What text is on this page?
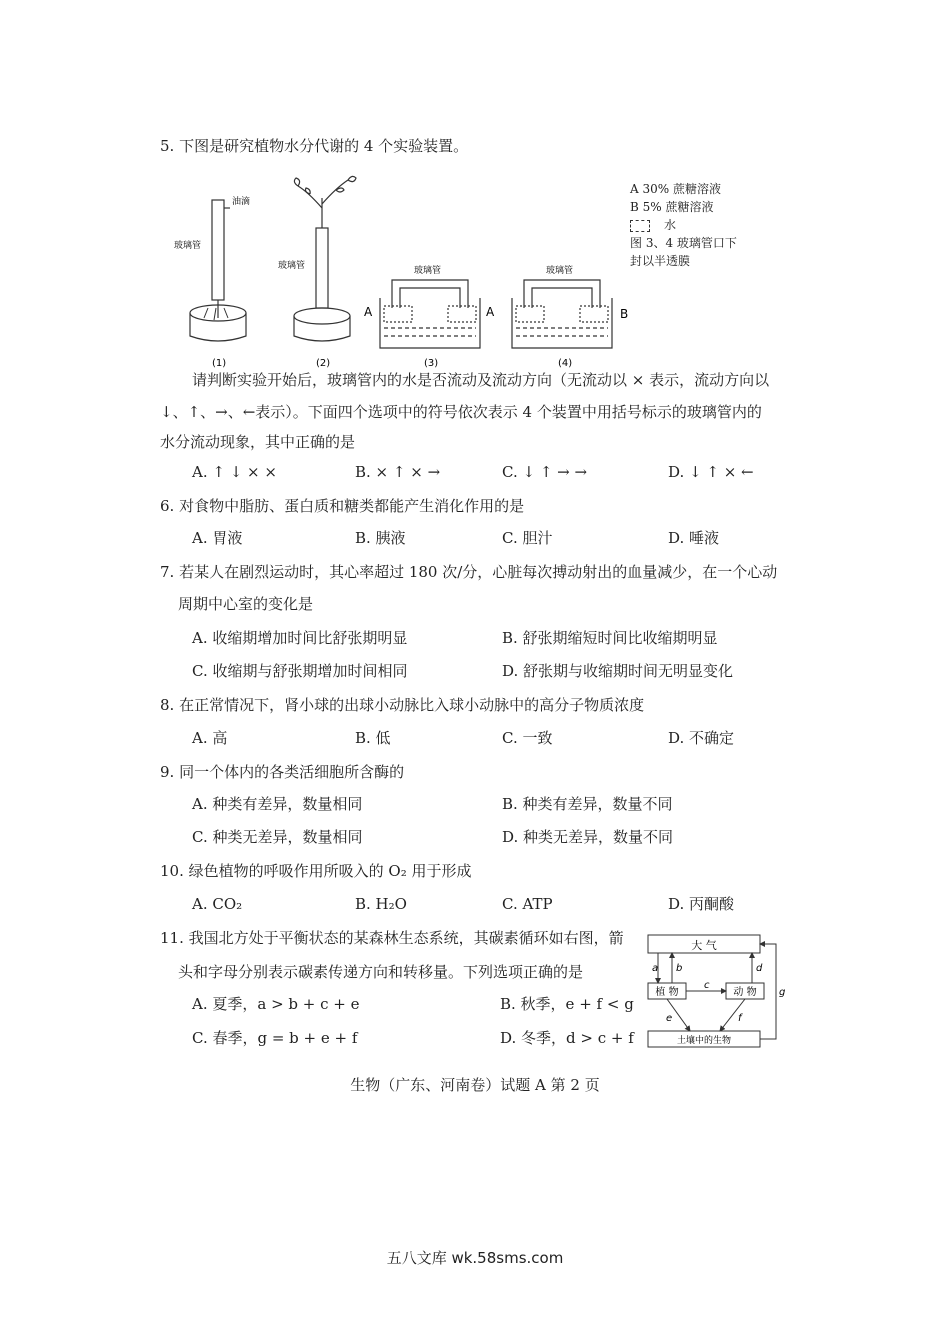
5. 下图是研究植物水分代谢的 4 个实验装置。
油滴
玻璃管
(1)
玻璃管
(2)
玻璃管
A	A
(3)
玻璃管
B
(4)
A 30% 蔗糖溶液
B 5% 蔗糖溶液
水
图 3、4 玻璃管口下
封以半透膜
请判断实验开始后，玻璃管内的水是否流动及流动方向（无流动以 × 表示，流动方向以
↓、↑、→、←表示）。下面四个选项中的符号依次表示 4 个装置中用括号标示的玻璃管内的
水分流动现象，其中正确的是
A. ↑ ↓ × ×	B. × ↑ × →	C. ↓ ↑ → →	D. ↓ ↑ × ←
6. 对食物中脂肪、蛋白质和糖类都能产生消化作用的是
A. 胃液	B. 胰液	C. 胆汁	D. 唾液
7. 若某人在剧烈运动时，其心率超过 180 次/分，心脏每次搏动射出的血量减少，在一个心动
周期中心室的变化是
A. 收缩期增加时间比舒张期明显	B. 舒张期缩短时间比收缩期明显
C. 收缩期与舒张期增加时间相同	D. 舒张期与收缩期时间无明显变化
8. 在正常情况下，肾小球的出球小动脉比入球小动脉中的高分子物质浓度
A. 高	B. 低	C. 一致	D. 不确定
9. 同一个体内的各类活细胞所含酶的
A. 种类有差异，数量相同	B. 种类有差异，数量不同
C. 种类无差异，数量相同	D. 种类无差异，数量不同
10. 绿色植物的呼吸作用所吸入的 O₂ 用于形成
A. CO₂	B. H₂O	C. ATP	D. 丙酮酸
11. 我国北方处于平衡状态的某森林生态系统，其碳素循环如右图，箭
头和字母分别表示碳素传递方向和转移量。下列选项正确的是
A. 夏季，a > b + c + e	B. 秋季，e + f < g
C. 春季，g = b + e + f	D. 冬季，d > c + f
大 气
植 物	动 物
土壤中的生物
a b
c
d
e	f
g
生物（广东、河南卷）试题 A 第 2 页
五八文库 wk.58sms.com
